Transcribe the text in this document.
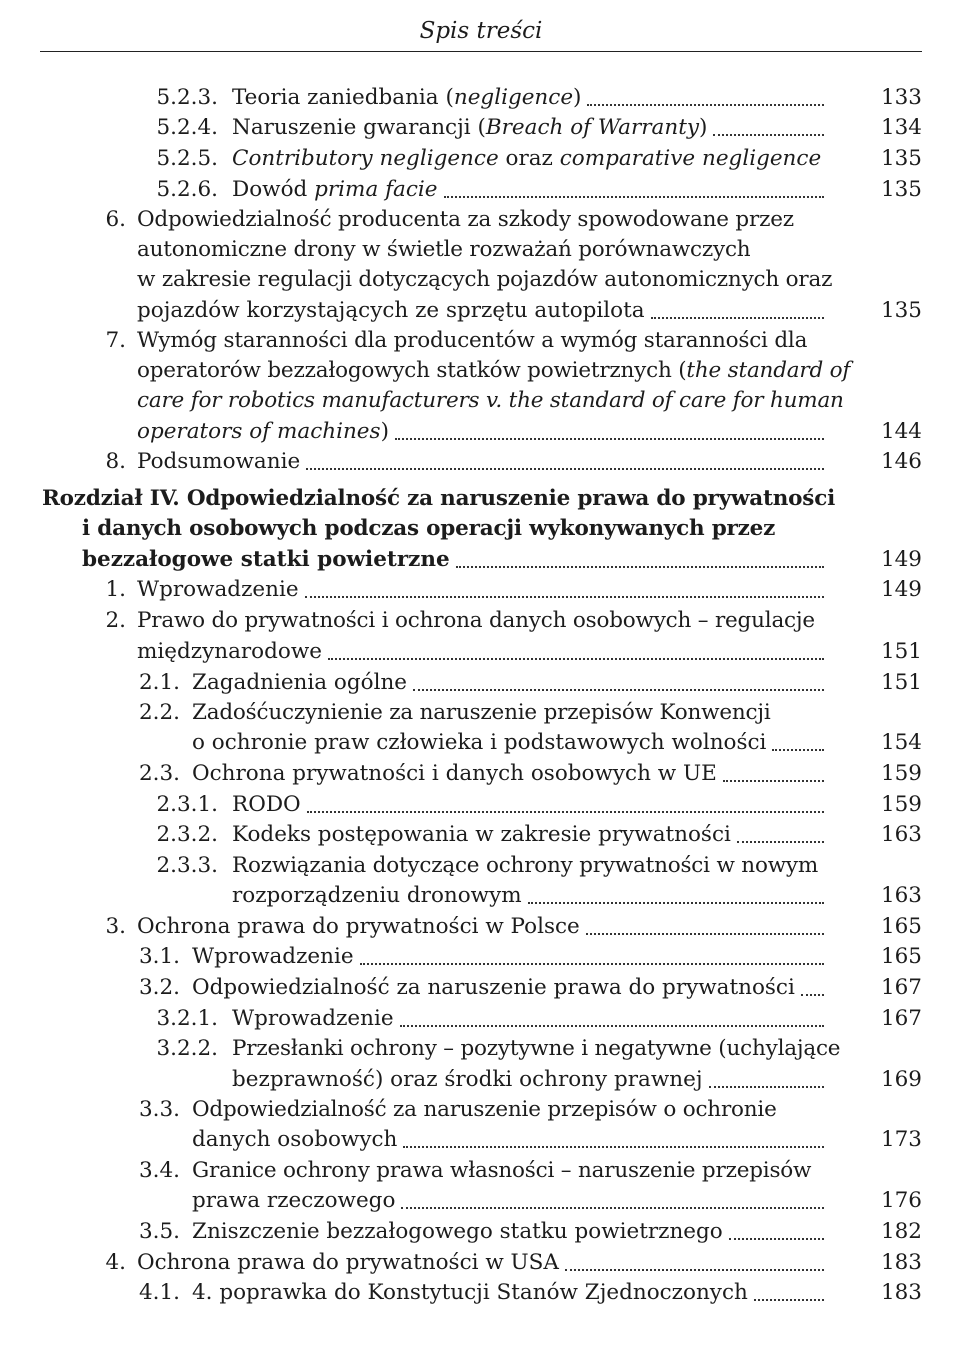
Spis treści
5.2.3. Teoria zaniedbania (negligence)	133
5.2.4. Naruszenie gwarancji (Breach of Warranty)	134
5.2.5. Contributory negligence oraz comparative negligence	135
5.2.6. Dowód prima facie	135
6. Odpowiedzialność producenta za szkody spowodowane przez
autonomiczne drony w świetle rozważań porównawczych
w zakresie regulacji dotyczących pojazdów autonomicznych oraz
pojazdów korzystających ze sprzętu autopilota	135
7. Wymóg staranności dla producentów a wymóg staranności dla
operatorów bezzałogowych statków powietrznych (the standard of
care for robotics manufacturers v. the standard of care for human
operators of machines)	144
8. Podsumowanie	146
Rozdział IV. Odpowiedzialność za naruszenie prawa do prywatności
i danych osobowych podczas operacji wykonywanych przez
bezzałogowe statki powietrzne	149
1. Wprowadzenie	149
2. Prawo do prywatności i ochrona danych osobowych – regulacje
międzynarodowe	151
2.1. Zagadnienia ogólne	151
2.2. Zadośćuczynienie za naruszenie przepisów Konwencji
o ochronie praw człowieka i podstawowych wolności	154
2.3. Ochrona prywatności i danych osobowych w UE	159
2.3.1. RODO	159
2.3.2. Kodeks postępowania w zakresie prywatności	163
2.3.3. Rozwiązania dotyczące ochrony prywatności w nowym
rozporządzeniu dronowym	163
3. Ochrona prawa do prywatności w Polsce	165
3.1. Wprowadzenie	165
3.2. Odpowiedzialność za naruszenie prawa do prywatności	167
3.2.1. Wprowadzenie	167
3.2.2. Przesłanki ochrony – pozytywne i negatywne (uchylające
bezprawność) oraz środki ochrony prawnej	169
3.3. Odpowiedzialność za naruszenie przepisów o ochronie
danych osobowych	173
3.4. Granice ochrony prawa własności – naruszenie przepisów
prawa rzeczowego	176
3.5. Zniszczenie bezzałogowego statku powietrznego	182
4. Ochrona prawa do prywatności w USA	183
4.1. 4. poprawka do Konstytucji Stanów Zjednoczonych	183
